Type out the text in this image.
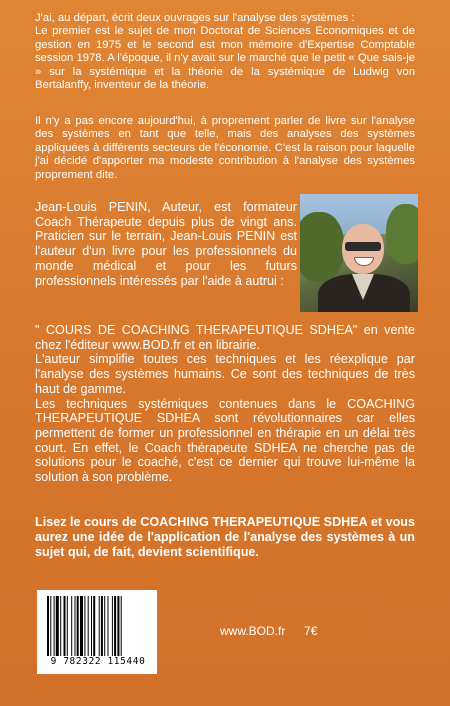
J'ai, au départ, écrit deux ouvrages sur l'analyse des systèmes :

Le premier est le sujet de mon Doctorat de Sciences Economiques et de gestion en 1975 et le second est mon mémoire d'Expertise Comptable session 1978. A l'époque, il n'y avait sur le marché que le petit « Que sais-je » sur la systémique et la théorie de la systémique de Ludwig von Bertalanffy, inventeur de la théorie.

Il n'y a pas encore aujourd'hui, à proprement parler de livre sur l'analyse des systèmes en tant que telle, mais des analyses des systèmes appliquées à différents secteurs de l'économie. C'est la raison pour laquelle j'ai décidé d'apporter ma modeste contribution à l'analyse des systèmes proprement dite.

Jean-Louis PENIN, Auteur, est formateur Coach Thérapeute depuis plus de vingt ans. Praticien sur le terrain, Jean-Louis PENIN est l'auteur d'un livre pour les professionnels du monde médical et pour les futurs professionnels intéressés par l'aide à autrui :

" COURS DE COACHING THERAPEUTIQUE SDHEA" en vente chez l'éditeur www.BOD.fr et en librairie.

L'auteur simplifie toutes ces techniques et les réexplique par l'analyse des systèmes humains. Ce sont des techniques de très haut de gamme.

Les techniques systémiques contenues dans le COACHING THERAPEUTIQUE SDHEA sont révolutionnaires car elles permettent de former un professionnel en thérapie en un délai très court. En effet, le Coach thérapeute SDHEA ne cherche pas de solutions pour le coaché, c'est ce dernier qui trouve lui-même la solution à son problème.

Lisez le cours de COACHING THERAPEUTIQUE SDHEA et vous aurez une idée de l'application de l'analyse des systèmes à un sujet qui, de fait, devient scientifique.
9 782322 115440
www.BOD.fr 7€
